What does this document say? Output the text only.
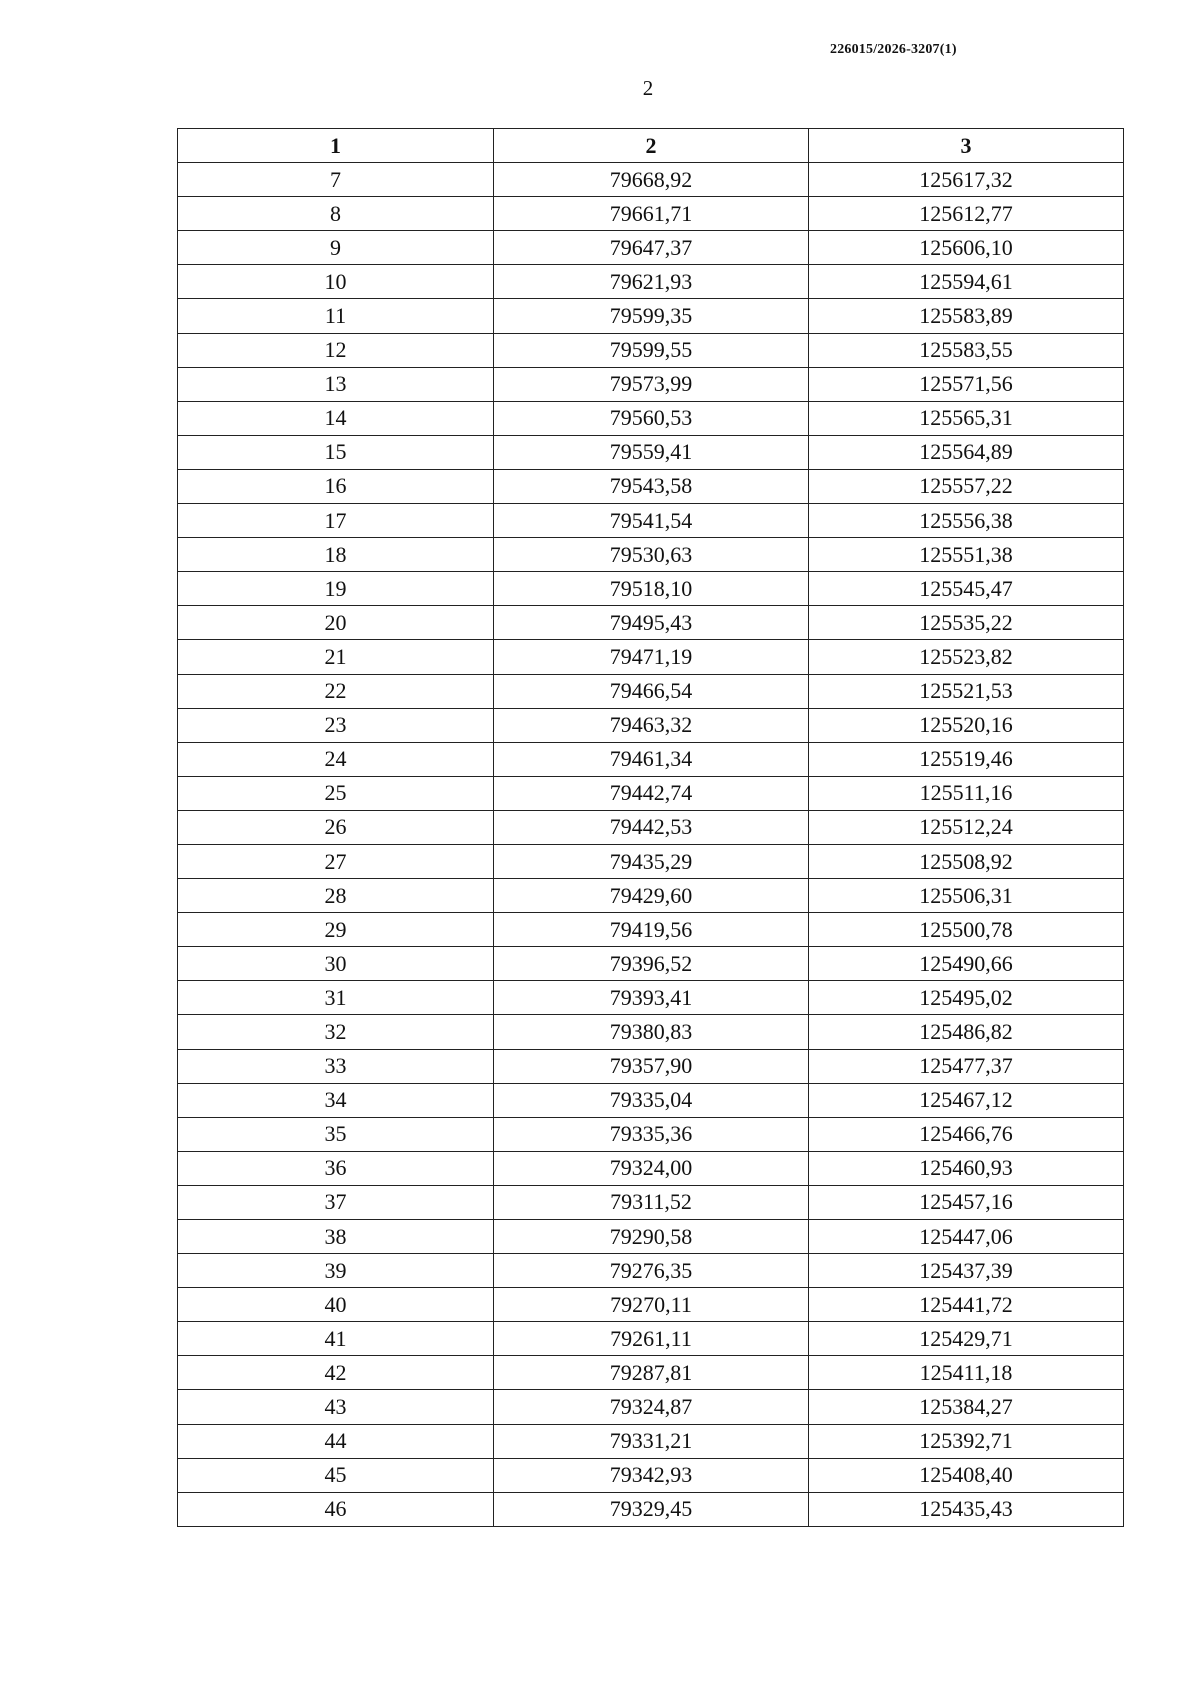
226015/2026-3207(1)
2
1	2	3
7	79668,92	125617,32
8	79661,71	125612,77
9	79647,37	125606,10
10	79621,93	125594,61
11	79599,35	125583,89
12	79599,55	125583,55
13	79573,99	125571,56
14	79560,53	125565,31
15	79559,41	125564,89
16	79543,58	125557,22
17	79541,54	125556,38
18	79530,63	125551,38
19	79518,10	125545,47
20	79495,43	125535,22
21	79471,19	125523,82
22	79466,54	125521,53
23	79463,32	125520,16
24	79461,34	125519,46
25	79442,74	125511,16
26	79442,53	125512,24
27	79435,29	125508,92
28	79429,60	125506,31
29	79419,56	125500,78
30	79396,52	125490,66
31	79393,41	125495,02
32	79380,83	125486,82
33	79357,90	125477,37
34	79335,04	125467,12
35	79335,36	125466,76
36	79324,00	125460,93
37	79311,52	125457,16
38	79290,58	125447,06
39	79276,35	125437,39
40	79270,11	125441,72
41	79261,11	125429,71
42	79287,81	125411,18
43	79324,87	125384,27
44	79331,21	125392,71
45	79342,93	125408,40
46	79329,45	125435,43
